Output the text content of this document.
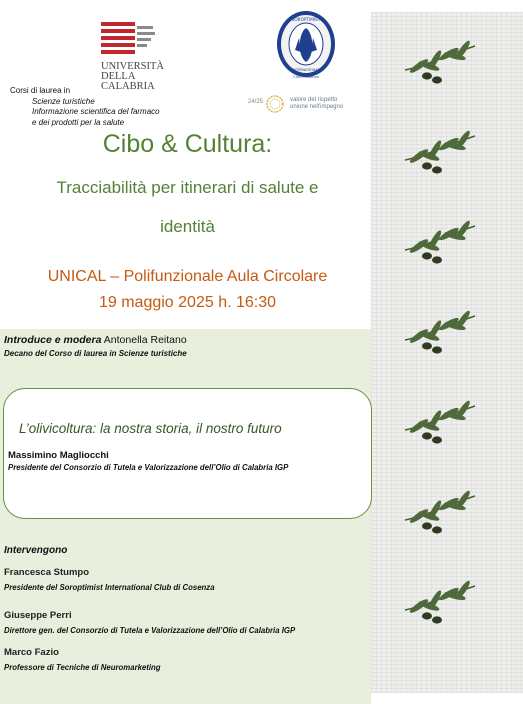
UNIVERSITÀ
DELLA
CALABRIA
SOROPTIMIST
INTERNATIONAL
Club Cosenza
24/25	valore del rispetto
unione nell'impegno
Corsi di laurea in
Scienze turistiche
Informazione scientifica del farmaco
e dei prodotti per la salute
Cibo & Cultura:
Tracciabilità per itinerari di salute e
identità
UNICAL – Polifunzionale Aula Circolare
19 maggio 2025 h. 16:30
Introduce e modera Antonella Reitano
Decano del Corso di laurea in Scienze turistiche
L’olivicoltura: la nostra storia, il nostro futuro
Massimino Magliocchi
Presidente del Consorzio di Tutela e Valorizzazione dell’Olio di Calabria IGP
Intervengono
Francesca Stumpo
Presidente del Soroptimist International Club di Cosenza
Giuseppe Perri
Direttore gen. del Consorzio di Tutela e Valorizzazione dell’Olio di Calabria IGP
Marco Fazio
Professore di Tecniche di Neuromarketing
